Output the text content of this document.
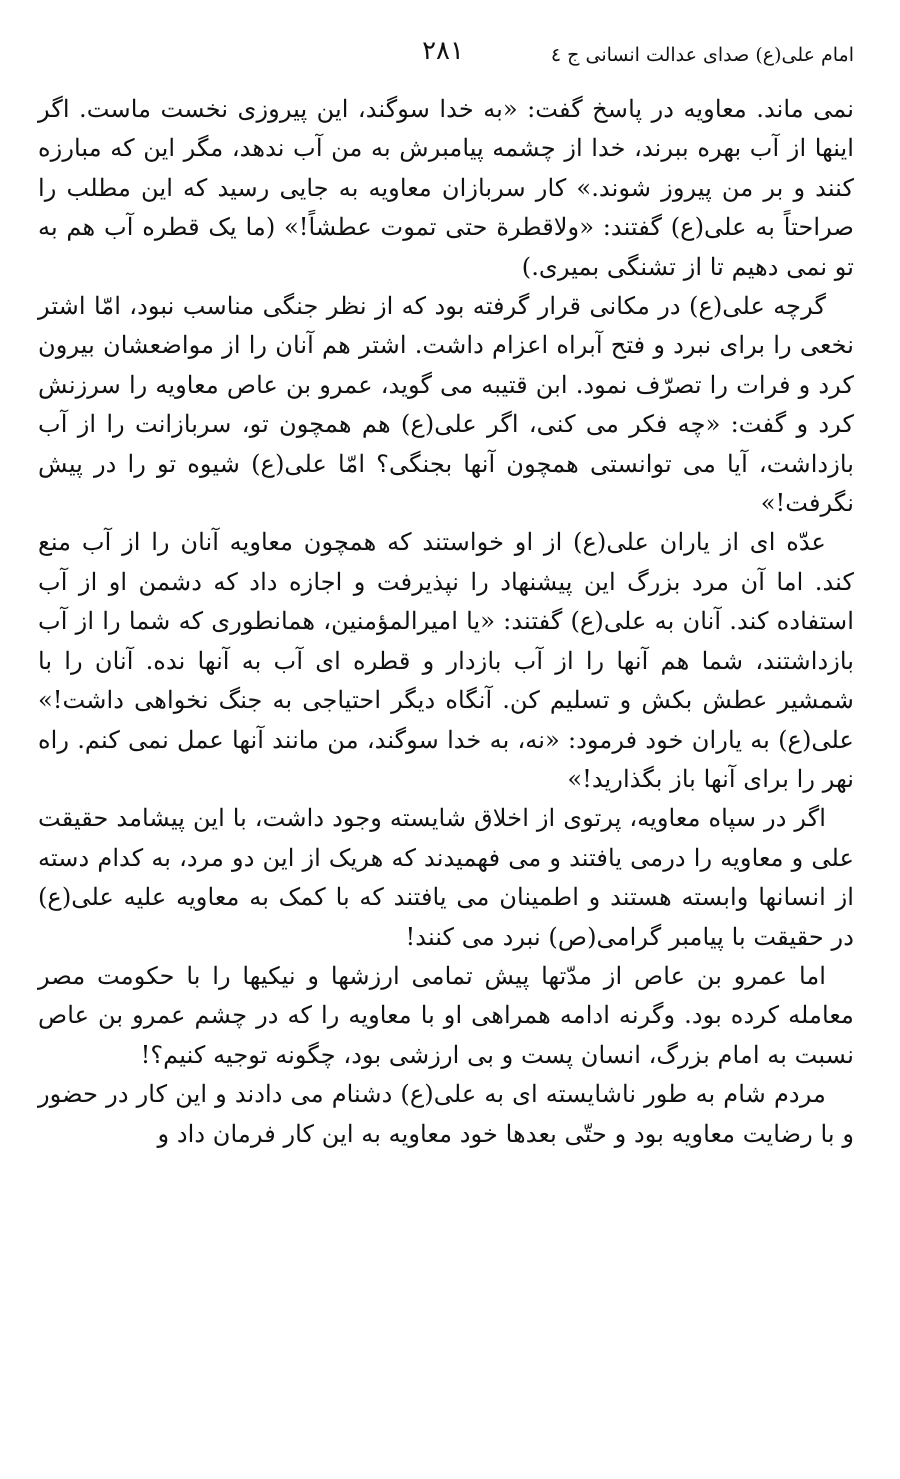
امام علی(ع) صدای عدالت انسانی ج ٤
٢٨١

نمی ماند. معاویه در پاسخ گفت: «به خدا سوگند، این پیروزی نخست ماست. اگر اینها از آب بهره ببرند، خدا از چشمه پیامبرش به من آب ندهد، مگر این که مبارزه کنند و بر من پیروز شوند.» کار سربازان معاویه به جایی رسید که این مطلب را صراحتاً به علی(ع) گفتند: «ولاقطرة حتی تموت عطشاً!» (ما یک قطره آب هم به تو نمی دهیم تا از تشنگی بمیری.)

گرچه علی(ع) در مکانی قرار گرفته بود که از نظر جنگی مناسب نبود، امّا اشتر نخعی را برای نبرد و فتح آبراه اعزام داشت. اشتر هم آنان را از مواضعشان بیرون کرد و فرات را تصرّف نمود. ابن قتیبه می گوید، عمرو بن عاص معاویه را سرزنش کرد و گفت: «چه فکر می کنی، اگر علی(ع) هم همچون تو، سربازانت را از آب بازداشت، آیا می توانستی همچون آنها بجنگی؟ امّا علی(ع) شیوه تو را در پیش نگرفت!»

عدّه ای از یاران علی(ع) از او خواستند که همچون معاویه آنان را از آب منع کند. اما آن مرد بزرگ این پیشنهاد را نپذیرفت و اجازه داد که دشمن او از آب استفاده کند. آنان به علی(ع) گفتند: «یا امیرالمؤمنین، همانطوری که شما را از آب بازداشتند، شما هم آنها را از آب بازدار و قطره ای آب به آنها نده. آنان را با شمشیر عطش بکش و تسلیم کن. آنگاه دیگر احتیاجی به جنگ نخواهی داشت!» علی(ع) به یاران خود فرمود: «نه، به خدا سوگند، من مانند آنها عمل نمی کنم. راه نهر را برای آنها باز بگذارید!»

اگر در سپاه معاویه، پرتوی از اخلاق شایسته وجود داشت، با این پیشامد حقیقت علی و معاویه را درمی یافتند و می فهمیدند که هریک از این دو مرد، به کدام دسته از انسانها وابسته هستند و اطمینان می یافتند که با کمک به معاویه علیه علی(ع) در حقیقت با پیامبر گرامی(ص) نبرد می کنند!

اما عمرو بن عاص از مدّتها پیش تمامی ارزشها و نیکیها را با حکومت مصر معامله کرده بود. وگرنه ادامه همراهی او با معاویه را که در چشم عمرو بن عاص نسبت به امام بزرگ، انسان پست و بی ارزشی بود، چگونه توجیه کنیم؟!

مردم شام به طور ناشایسته ای به علی(ع) دشنام می دادند و این کار در حضور و با رضایت معاویه بود و حتّی بعدها خود معاویه به این کار فرمان داد و
